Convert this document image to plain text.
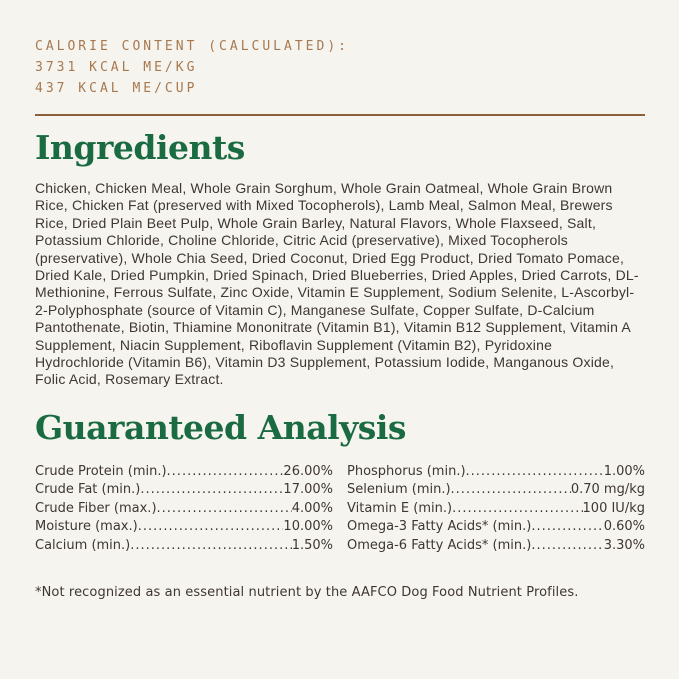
CALORIE CONTENT (CALCULATED):
3731 KCAL ME/KG
437 KCAL ME/CUP
Ingredients

Chicken, Chicken Meal, Whole Grain Sorghum, Whole Grain Oatmeal, Whole Grain Brown Rice, Chicken Fat (preserved with Mixed Tocopherols), Lamb Meal, Salmon Meal, Brewers Rice, Dried Plain Beet Pulp, Whole Grain Barley, Natural Flavors, Whole Flaxseed, Salt, Potassium Chloride, Choline Chloride, Citric Acid (preservative), Mixed Tocopherols (preservative), Whole Chia Seed, Dried Coconut, Dried Egg Product, Dried Tomato Pomace, Dried Kale, Dried Pumpkin, Dried Spinach, Dried Blueberries, Dried Apples, Dried Carrots, DL-Methionine, Ferrous Sulfate, Zinc Oxide, Vitamin E Supplement, Sodium Selenite, L-Ascorbyl-2-Polyphosphate (source of Vitamin C), Manganese Sulfate, Copper Sulfate, D-Calcium Pantothenate, Biotin, Thiamine Mononitrate (Vitamin B1), Vitamin B12 Supplement, Vitamin A Supplement, Niacin Supplement, Riboflavin Supplement (Vitamin B2), Pyridoxine Hydrochloride (Vitamin B6), Vitamin D3 Supplement, Potassium Iodide, Manganous Oxide, Folic Acid, Rosemary Extract.

Guaranteed Analysis
Crude Protein (min.) .....	26.00%
Crude Fat (min.) .....	17.00%
Crude Fiber (max.) .....	4.00%
Moisture (max.) .....	10.00%
Calcium (min.) .....	1.50%
Phosphorus (min.) .....	1.00%
Selenium (min.) .....	0.70 mg/kg
Vitamin E (min.) .....	100 IU/kg
Omega-3 Fatty Acids* (min.) .....	0.60%
Omega-6 Fatty Acids* (min.) .....	3.30%
*Not recognized as an essential nutrient by the AAFCO Dog Food Nutrient Profiles.
